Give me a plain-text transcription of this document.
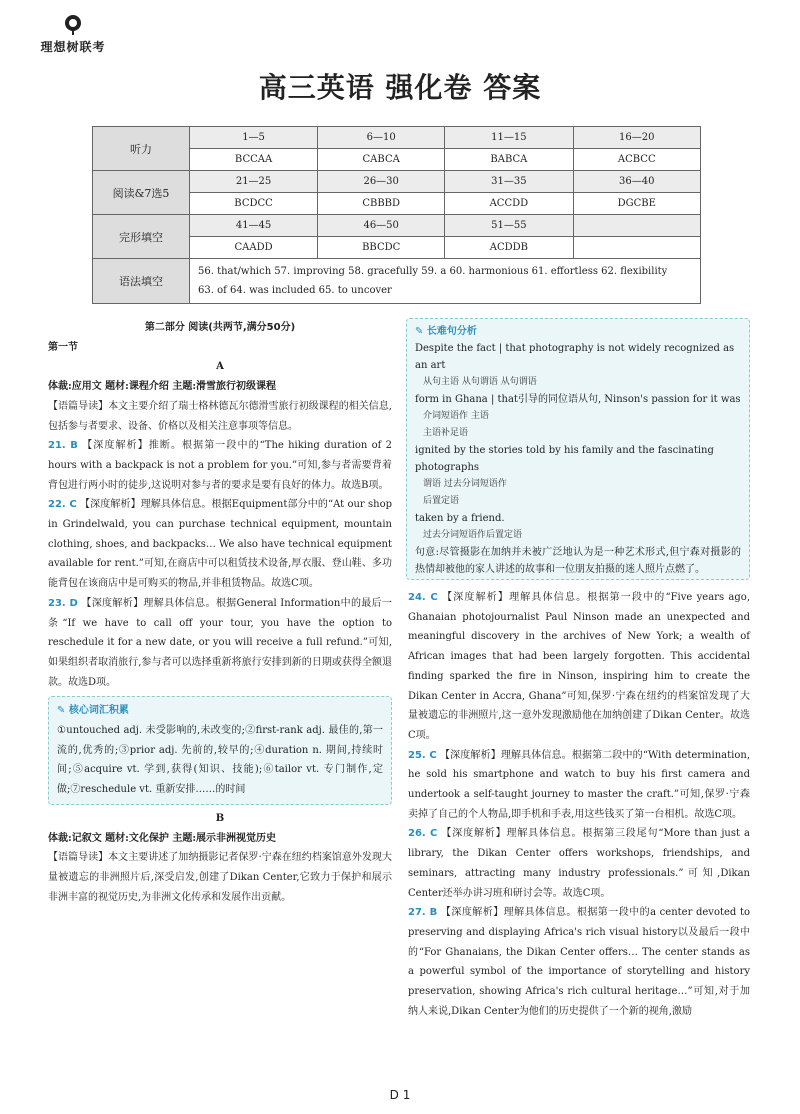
理想树联考
高三英语 强化卷 答案
听力	1—5	6—10	11—15	16—20
	BCCAA	CABCA	BABCA	ACBCC
阅读&7选5	21—25	26—30	31—35	36—40
	BCDCC	CBBBD	ACCDD	DGCBE
完形填空	41—45	46—50	51—55	
	CAADD	BBCDC	ACDDB	
语法填空	56. that/which 57. improving 58. gracefully 59. a 60. harmonious 61. effortless 62. flexibility
63. of 64. was included 65. to uncover			
第二部分 阅读(共两节,满分50分)
第一节
A
体裁:应用文 题材:课程介绍 主题:滑雪旅行初级课程
【语篇导读】本文主要介绍了瑞士格林德瓦尔德滑雪旅行初级课程的相关信息,包括参与者要求、设备、价格以及相关注意事项等信息。
21. B 【深度解析】推断。根据第一段中的“The hiking duration of 2 hours with a backpack is not a problem for you.”可知,参与者需要背着背包进行两小时的徒步,这说明对参与者的要求是要有良好的体力。故选B项。
22. C 【深度解析】理解具体信息。根据Equipment部分中的“At our shop in Grindelwald, you can purchase technical equipment, mountain clothing, shoes, and backpacks… We also have technical equipment available for rent.”可知,在商店中可以租赁技术设备,厚衣服、登山鞋、多功能背包在该商店中是可购买的物品,并非租赁物品。故选C项。
23. D 【深度解析】理解具体信息。根据General Information中的最后一条“If we have to call off your tour, you have the option to reschedule it for a new date, or you will receive a full refund.”可知,如果组织者取消旅行,参与者可以选择重新将旅行安排到新的日期或获得全额退款。故选D项。
✎ 核心词汇积累
①untouched adj. 未受影响的,未改变的;②first-rank adj. 最佳的,第一流的,优秀的;③prior adj. 先前的,较早的;④duration n. 期间,持续时间;⑤acquire vt. 学到,获得(知识、技能);⑥tailor vt. 专门制作,定做;⑦reschedule vt. 重新安排……的时间
B
体裁:记叙文 题材:文化保护 主题:展示非洲视觉历史
【语篇导读】本文主要讲述了加纳摄影记者保罗·宁森在纽约档案馆意外发现大量被遗忘的非洲照片后,深受启发,创建了Dikan Center,它致力于保护和展示非洲丰富的视觉历史,为非洲文化传承和发展作出贡献。
✎ 长难句分析
Despite the fact | that photography is not widely recognized as an art
从句主语 从句谓语 从句谓语
form in Ghana | that引导的同位语从句, Ninson's passion for it was
介词短语作 主语
主语补足语
ignited by the stories told by his family and the fascinating photographs
谓语 过去分词短语作
后置定语
taken by a friend.
过去分词短语作后置定语
句意:尽管摄影在加纳并未被广泛地认为是一种艺术形式,但宁森对摄影的热情却被他的家人讲述的故事和一位朋友拍摄的迷人照片点燃了。
24. C 【深度解析】理解具体信息。根据第一段中的“Five years ago, Ghanaian photojournalist Paul Ninson made an unexpected and meaningful discovery in the archives of New York; a wealth of African images that had been largely forgotten. This accidental finding sparked the fire in Ninson, inspiring him to create the Dikan Center in Accra, Ghana”可知,保罗·宁森在纽约的档案馆发现了大量被遗忘的非洲照片,这一意外发现激励他在加纳创建了Dikan Center。故选C项。
25. C 【深度解析】理解具体信息。根据第二段中的“With determination, he sold his smartphone and watch to buy his first camera and undertook a self-taught journey to master the craft.”可知,保罗·宁森卖掉了自己的个人物品,即手机和手表,用这些钱买了第一台相机。故选C项。
26. C 【深度解析】理解具体信息。根据第三段尾句“More than just a library, the Dikan Center offers workshops, friendships, and seminars, attracting many industry professionals.”可知,Dikan Center还举办讲习班和研讨会等。故选C项。
27. B 【深度解析】理解具体信息。根据第一段中的a center devoted to preserving and displaying Africa's rich visual history以及最后一段中的“For Ghanaians, the Dikan Center offers… The center stands as a powerful symbol of the importance of storytelling and history preservation, showing Africa's rich cultural heritage…”可知,对于加纳人来说,Dikan Center为他们的历史提供了一个新的视角,激励
D 1
